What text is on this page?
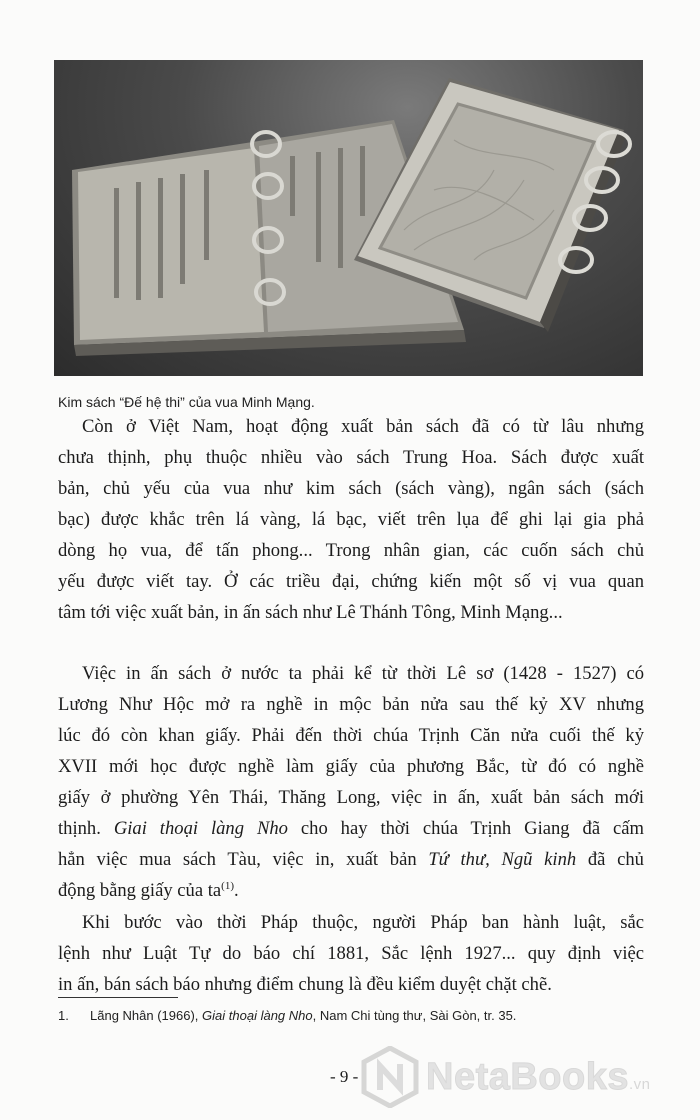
Kim sách “Đế hệ thi” của vua Minh Mạng.
Còn ở Việt Nam, hoạt động xuất bản sách đã có từ lâu nhưng
chưa thịnh, phụ thuộc nhiều vào sách Trung Hoa. Sách được xuất
bản, chủ yếu của vua như kim sách (sách vàng), ngân sách (sách
bạc) được khắc trên lá vàng, lá bạc, viết trên lụa để ghi lại gia phả
dòng họ vua, để tấn phong... Trong nhân gian, các cuốn sách chủ
yếu được viết tay. Ở các triều đại, chứng kiến một số vị vua quan
tâm tới việc xuất bản, in ấn sách như Lê Thánh Tông, Minh Mạng...
Việc in ấn sách ở nước ta phải kể từ thời Lê sơ (1428 - 1527) có
Lương Như Hộc mở ra nghề in mộc bản nửa sau thế kỷ XV nhưng
lúc đó còn khan giấy. Phải đến thời chúa Trịnh Căn nửa cuối thế kỷ
XVII mới học được nghề làm giấy của phương Bắc, từ đó có nghề
giấy ở phường Yên Thái, Thăng Long, việc in ấn, xuất bản sách mới
thịnh. Giai thoại làng Nho cho hay thời chúa Trịnh Giang đã cấm
hẳn việc mua sách Tàu, việc in, xuất bản Tứ thư, Ngũ kinh đã chủ
động bằng giấy của $ta^{(1)}$.
Khi bước vào thời Pháp thuộc, người Pháp ban hành luật, sắc
lệnh như Luật Tự do báo chí 1881, Sắc lệnh 1927... quy định việc
in ấn, bán sách báo nhưng điểm chung là đều kiểm duyệt chặt chẽ.
1. Lãng Nhân (1966), Giai thoại làng Nho, Nam Chi tùng thư, Sài Gòn, tr. 35.
- 9 - NetaBooks.vn
